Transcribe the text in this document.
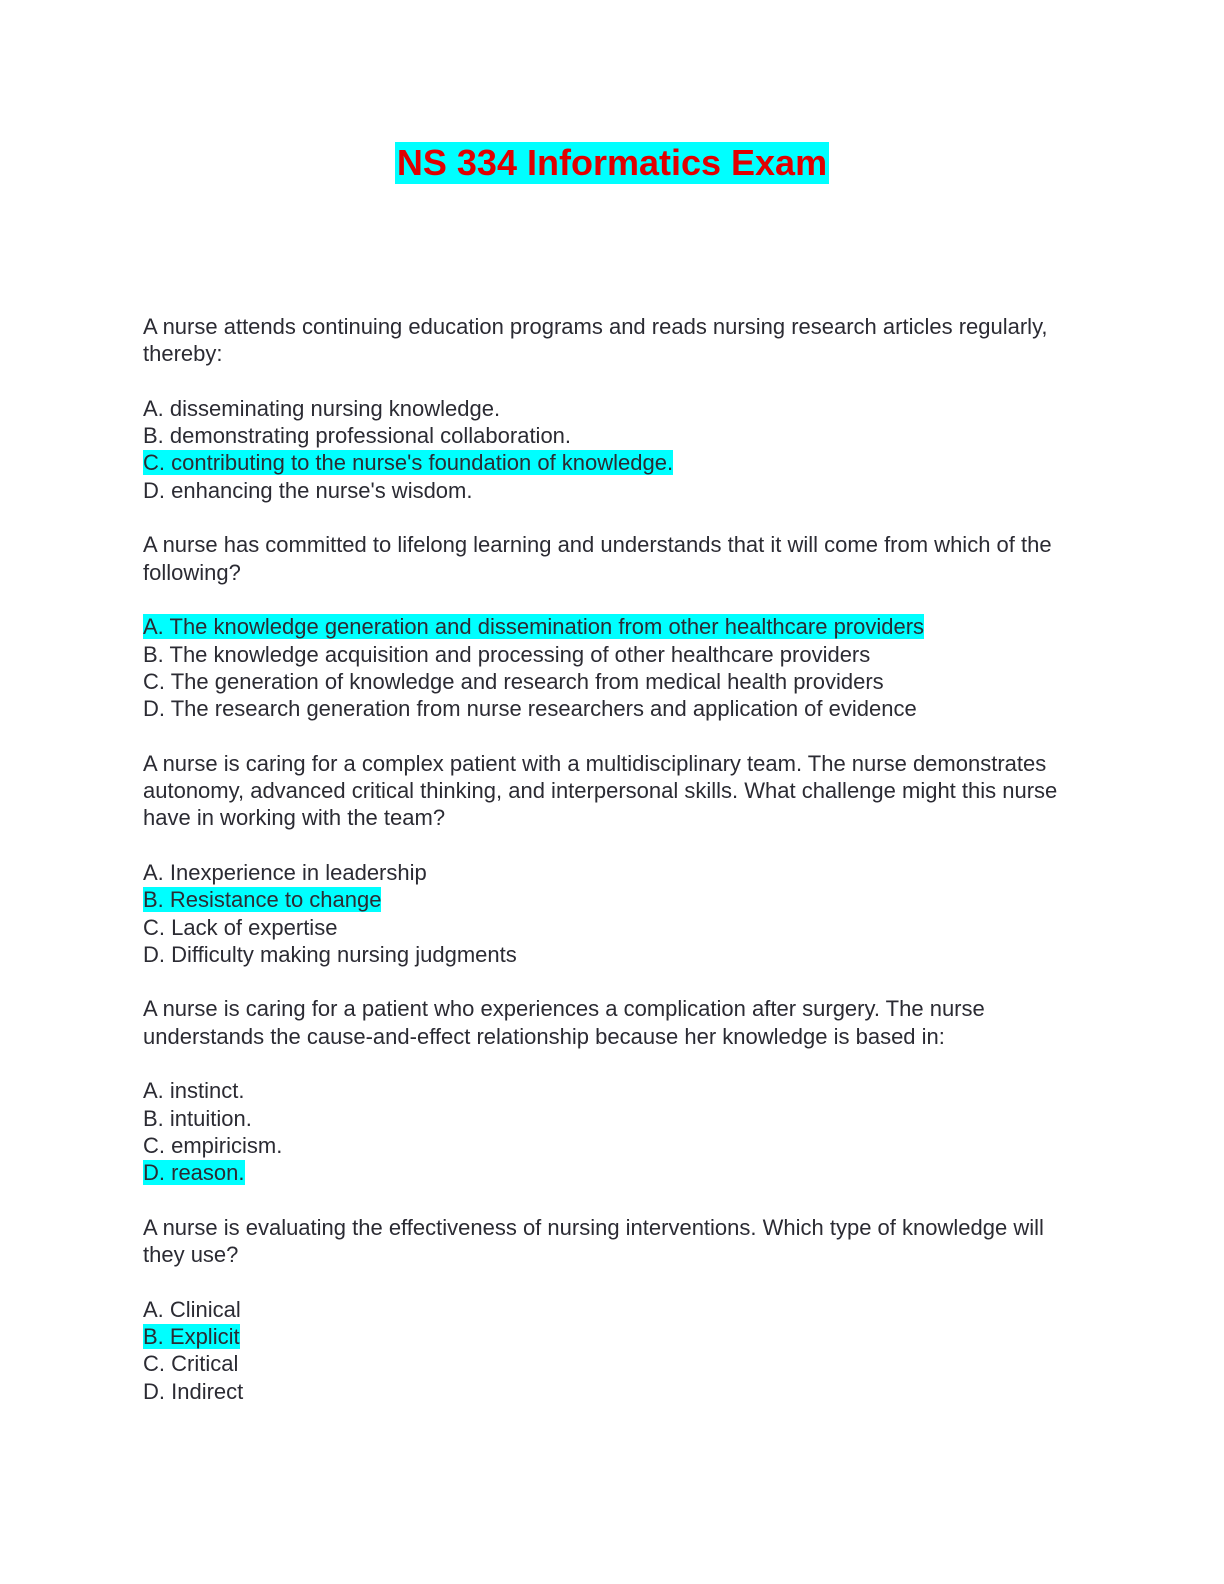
NS 334 Informatics Exam
A nurse attends continuing education programs and reads nursing research articles regularly, thereby:
A. disseminating nursing knowledge.
B. demonstrating professional collaboration.
C. contributing to the nurse's foundation of knowledge.
D. enhancing the nurse's wisdom.
A nurse has committed to lifelong learning and understands that it will come from which of the following?
A. The knowledge generation and dissemination from other healthcare providers
B. The knowledge acquisition and processing of other healthcare providers
C. The generation of knowledge and research from medical health providers
D. The research generation from nurse researchers and application of evidence
A nurse is caring for a complex patient with a multidisciplinary team. The nurse demonstrates autonomy, advanced critical thinking, and interpersonal skills. What challenge might this nurse have in working with the team?
A. Inexperience in leadership
B. Resistance to change
C. Lack of expertise
D. Difficulty making nursing judgments
A nurse is caring for a patient who experiences a complication after surgery. The nurse understands the cause-and-effect relationship because her knowledge is based in:
A. instinct.
B. intuition.
C. empiricism.
D. reason.
A nurse is evaluating the effectiveness of nursing interventions. Which type of knowledge will they use?
A. Clinical
B. Explicit
C. Critical
D. Indirect
